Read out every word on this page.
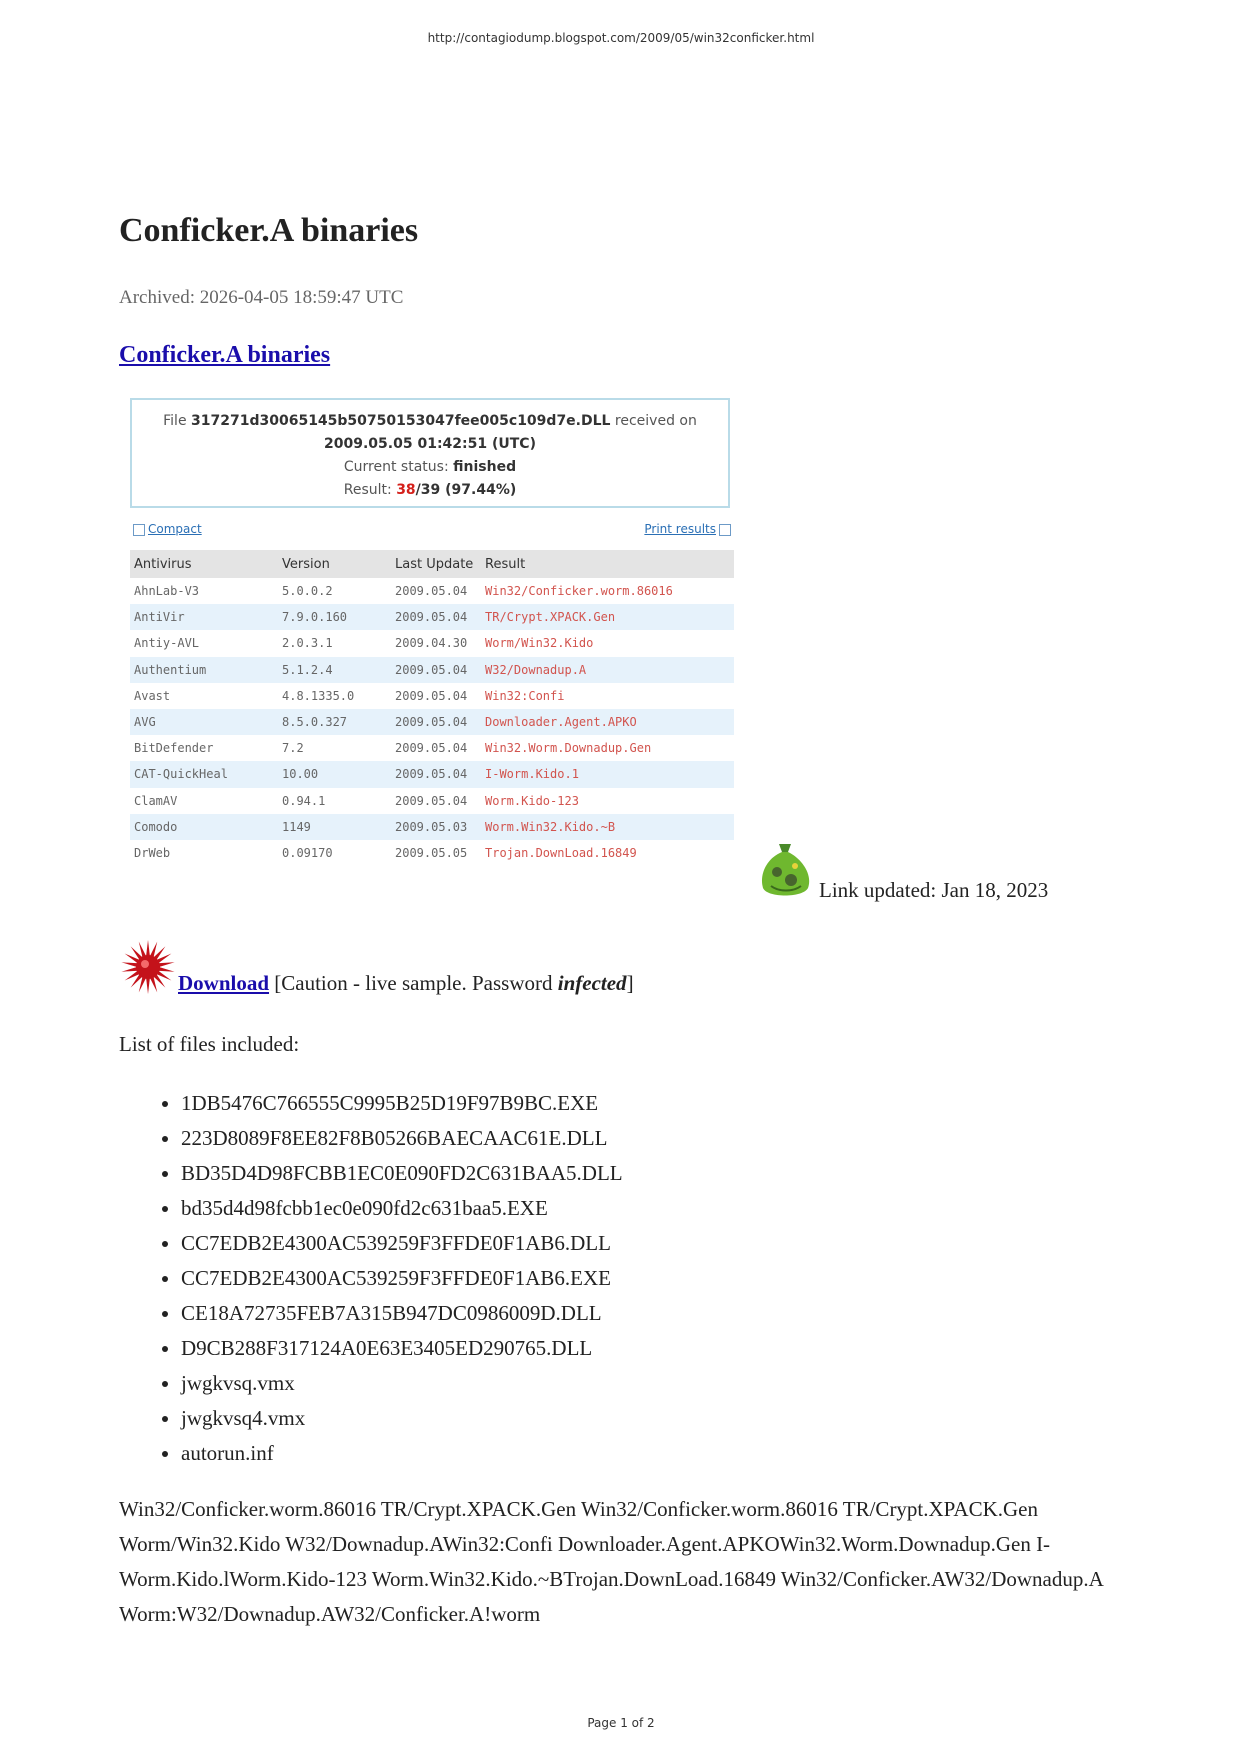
http://contagiodump.blogspot.com/2009/05/win32conficker.html
Conficker.A binaries
Archived: 2026-04-05 18:59:47 UTC
Conficker.A binaries
File 317271d30065145b50750153047fee005c109d7e.DLL received on
2009.05.05 01:42:51 (UTC)
Current status: finished
Result: 38/39 (97.44%)
Compact	Print results
Antivirus	Version	Last Update	Result
AhnLab-V3	5.0.0.2	2009.05.04	Win32/Conficker.worm.86016
AntiVir	7.9.0.160	2009.05.04	TR/Crypt.XPACK.Gen
Antiy-AVL	2.0.3.1	2009.04.30	Worm/Win32.Kido
Authentium	5.1.2.4	2009.05.04	W32/Downadup.A
Avast	4.8.1335.0	2009.05.04	Win32:Confi
AVG	8.5.0.327	2009.05.04	Downloader.Agent.APKO
BitDefender	7.2	2009.05.04	Win32.Worm.Downadup.Gen
CAT-QuickHeal	10.00	2009.05.04	I-Worm.Kido.1
ClamAV	0.94.1	2009.05.04	Worm.Kido-123
Comodo	1149	2009.05.03	Worm.Win32.Kido.~B
DrWeb	0.09170	2009.05.05	Trojan.DownLoad.16849
Link updated: Jan 18, 2023
Download [Caution - live sample. Password infected]
List of files included:
• 1DB5476C766555C9995B25D19F97B9BC.EXE
• 223D8089F8EE82F8B05266BAECAAC61E.DLL
• BD35D4D98FCBB1EC0E090FD2C631BAA5.DLL
• bd35d4d98fcbb1ec0e090fd2c631baa5.EXE
• CC7EDB2E4300AC539259F3FFDE0F1AB6.DLL
• CC7EDB2E4300AC539259F3FFDE0F1AB6.EXE
• CE18A72735FEB7A315B947DC0986009D.DLL
• D9CB288F317124A0E63E3405ED290765.DLL
• jwgkvsq.vmx
• jwgkvsq4.vmx
• autorun.inf

Win32/Conficker.worm.86016 TR/Crypt.XPACK.Gen Win32/Conficker.worm.86016 TR/Crypt.XPACK.Gen Worm/Win32.Kido W32/Downadup.AWin32:Confi Downloader.Agent.APKOWin32.Worm.Downadup.Gen I-Worm.Kido.lWorm.Kido-123 Worm.Win32.Kido.~BTrojan.DownLoad.16849 Win32/Conficker.AW32/Downadup.A Worm:W32/Downadup.AW32/Conficker.A!worm

Page 1 of 2
